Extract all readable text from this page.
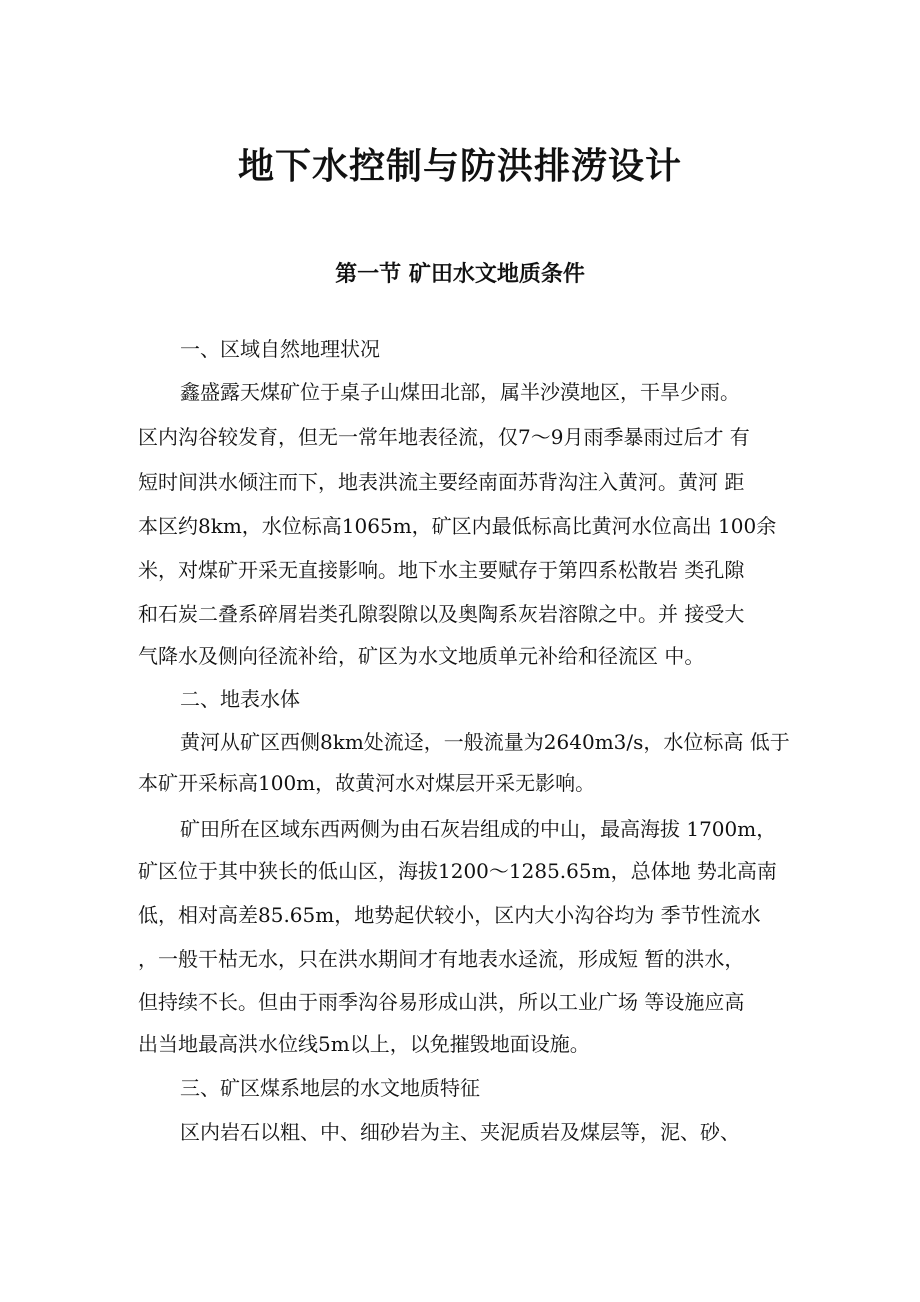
地下水控制与防洪排涝设计
第一节 矿田水文地质条件
一、区域自然地理状况
鑫盛露天煤矿位于桌子山煤田北部，属半沙漠地区，干旱少雨。
区内沟谷较发育，但无一常年地表径流，仅7〜9月雨季暴雨过后才 有
短时间洪水倾注而下，地表洪流主要经南面苏背沟注入黄河。黄河 距
本区约8km，水位标高1065m，矿区内最低标高比黄河水位高出 100余
米，对煤矿开采无直接影响。地下水主要赋存于第四系松散岩 类孔隙
和石炭二叠系碎屑岩类孔隙裂隙以及奥陶系灰岩溶隙之中。并 接受大
气降水及侧向径流补给，矿区为水文地质单元补给和径流区 中。
二、地表水体
黄河从矿区西侧8km处流迳，一般流量为2640m3/s，水位标高 低于
本矿开采标高100m，故黄河水对煤层开采无影响。
矿田所在区域东西两侧为由石灰岩组成的中山，最高海拔 1700m，
矿区位于其中狭长的低山区，海拔1200〜1285.65m，总体地 势北高南
低，相对高差85.65m，地势起伏较小，区内大小沟谷均为 季节性流水
，一般干枯无水，只在洪水期间才有地表水迳流，形成短 暂的洪水，
但持续不长。但由于雨季沟谷易形成山洪，所以工业广场 等设施应高
出当地最高洪水位线5m以上，以免摧毁地面设施。
三、矿区煤系地层的水文地质特征
区内岩石以粗、中、细砂岩为主、夹泥质岩及煤层等，泥、砂、
